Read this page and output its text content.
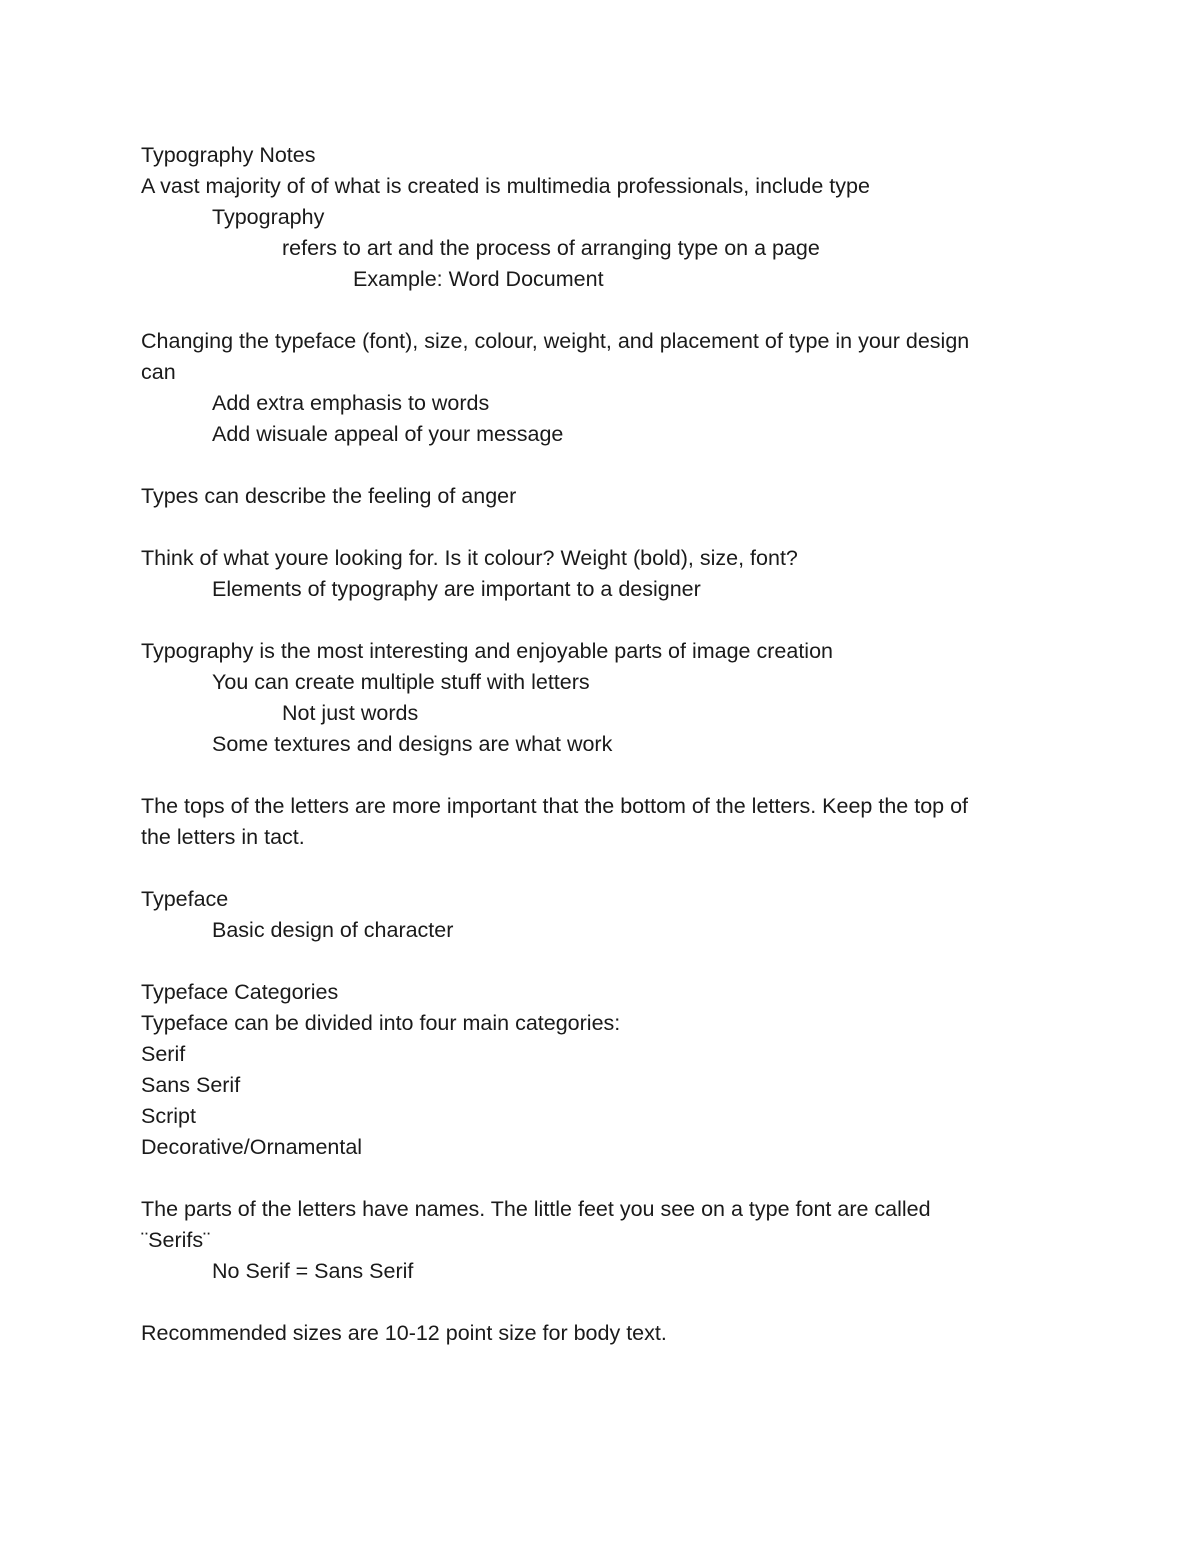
Typography Notes
A vast majority of of what is created is multimedia professionals, include type
Typography
refers to art and the process of arranging type on a page
Example: Word Document
Changing the typeface (font), size, colour, weight, and placement of type in your design
can
Add extra emphasis to words
Add wisuale appeal of your message
Types can describe the feeling of anger
Think of what youre looking for. Is it colour? Weight (bold), size, font?
Elements of typography are important to a designer
Typography is the most interesting and enjoyable parts of image creation
You can create multiple stuff with letters
Not just words
Some textures and designs are what work
The tops of the letters are more important that the bottom of the letters. Keep the top of
the letters in tact.
Typeface
Basic design of character
Typeface Categories
Typeface can be divided into four main categories:
Serif
Sans Serif
Script
Decorative/Ornamental
The parts of the letters have names. The little feet you see on a type font are called
¨Serifs¨
No Serif = Sans Serif
Recommended sizes are 10-12 point size for body text.
